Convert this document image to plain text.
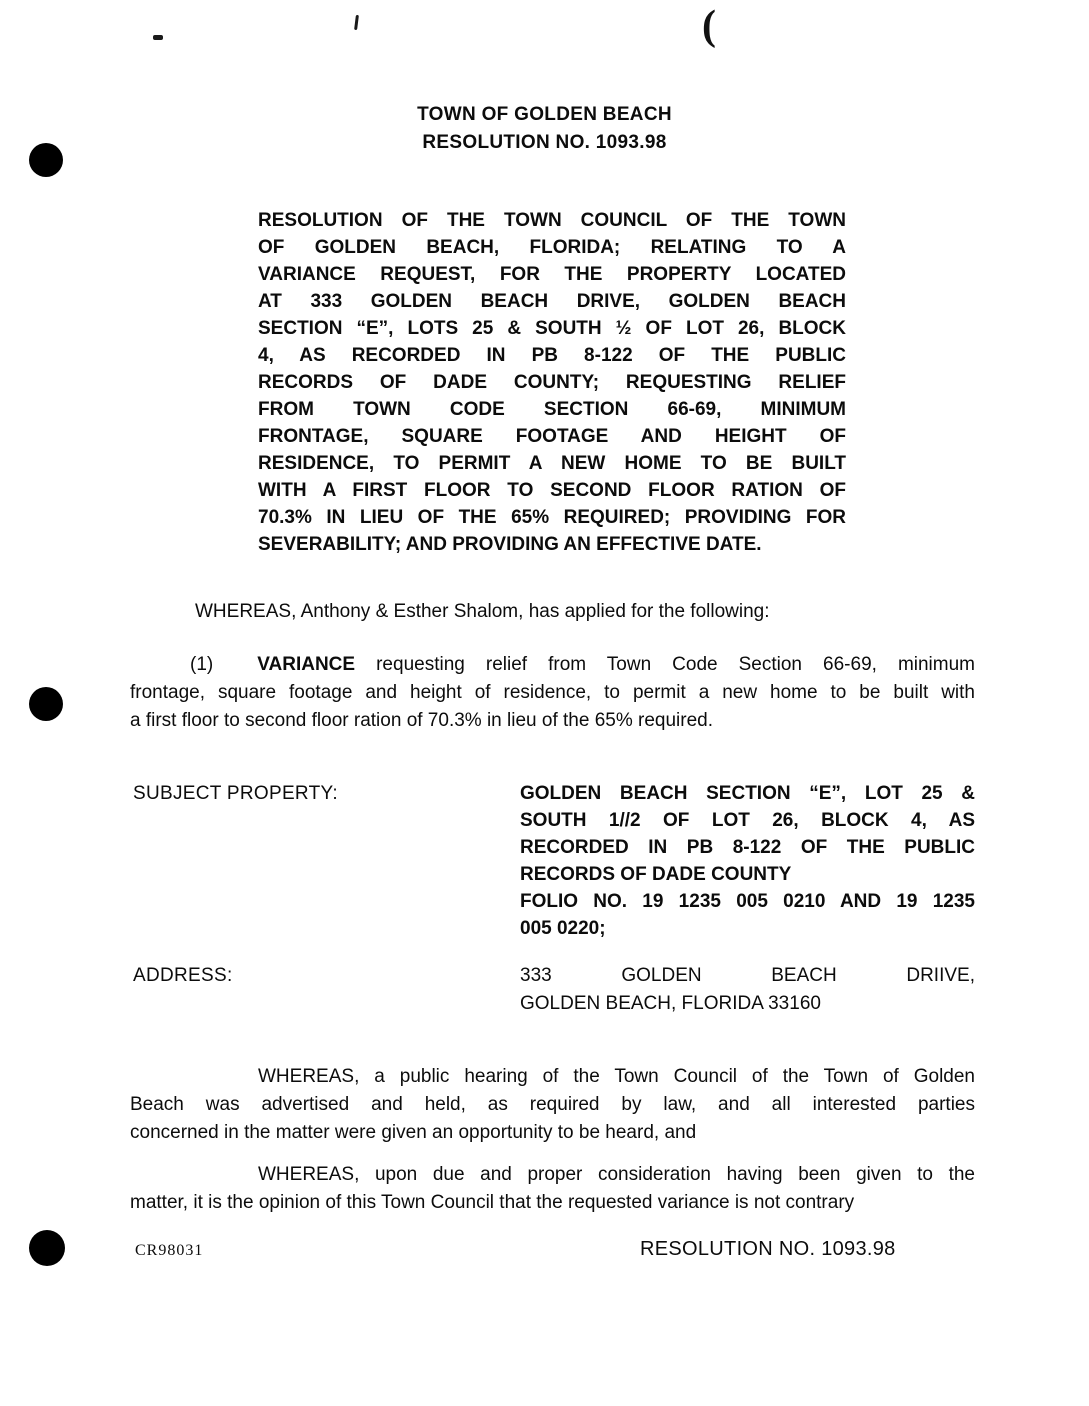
(
TOWN OF GOLDEN BEACH
RESOLUTION NO. 1093.98
RESOLUTION OF THE TOWN COUNCIL OF THE TOWN
OF GOLDEN BEACH, FLORIDA; RELATING TO A
VARIANCE REQUEST, FOR THE PROPERTY LOCATED
AT 333 GOLDEN BEACH DRIVE, GOLDEN BEACH
SECTION “E”, LOTS 25 & SOUTH ½ OF LOT 26, BLOCK
4, AS RECORDED IN PB 8-122 OF THE PUBLIC
RECORDS OF DADE COUNTY; REQUESTING RELIEF
FROM TOWN CODE SECTION 66-69, MINIMUM
FRONTAGE, SQUARE FOOTAGE AND HEIGHT OF
RESIDENCE, TO PERMIT A NEW HOME TO BE BUILT
WITH A FIRST FLOOR TO SECOND FLOOR RATION OF
70.3% IN LIEU OF THE 65% REQUIRED; PROVIDING FOR
SEVERABILITY; AND PROVIDING AN EFFECTIVE DATE.
WHEREAS, Anthony & Esther Shalom, has applied for the following:
(1) VARIANCE requesting relief from Town Code Section 66-69, minimum
frontage, square footage and height of residence, to permit a new home to be built with
a first floor to second floor ration of 70.3% in lieu of the 65% required.
SUBJECT PROPERTY:	GOLDEN BEACH SECTION “E”, LOT 25 &
SOUTH 1//2 OF LOT 26, BLOCK 4, AS
RECORDED IN PB 8-122 OF THE PUBLIC
RECORDS OF DADE COUNTY
FOLIO NO. 19 1235 005 0210 AND 19 1235
005 0220;
ADDRESS:	333 GOLDEN BEACH DRIIVE,
GOLDEN BEACH, FLORIDA 33160
WHEREAS, a public hearing of the Town Council of the Town of Golden
Beach was advertised and held, as required by law, and all interested parties
concerned in the matter were given an opportunity to be heard, and
WHEREAS, upon due and proper consideration having been given to the
matter, it is the opinion of this Town Council that the requested variance is not contrary
CR98031	RESOLUTION NO. 1093.98
